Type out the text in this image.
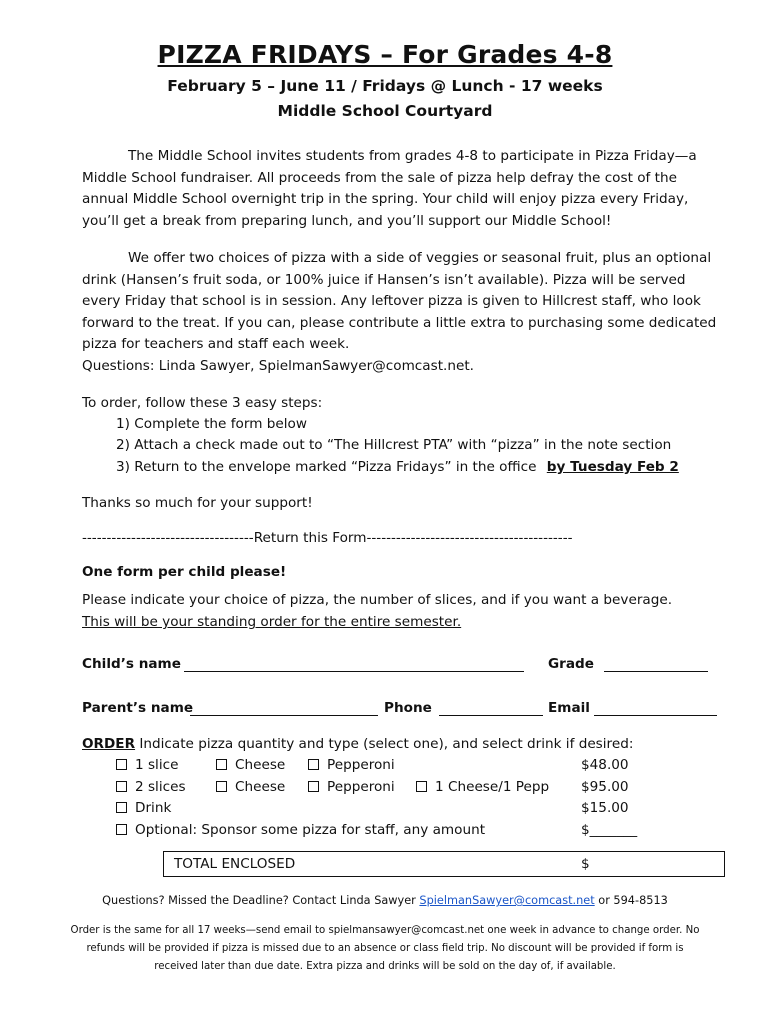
PIZZA FRIDAYS – For Grades 4-8
February 5 – June 11 / Fridays @ Lunch - 17 weeks
Middle School Courtyard

The Middle School invites students from grades 4-8 to participate in Pizza Friday—a Middle School fundraiser. All proceeds from the sale of pizza help defray the cost of the annual Middle School overnight trip in the spring. Your child will enjoy pizza every Friday, you’ll get a break from preparing lunch, and you’ll support our Middle School!

We offer two choices of pizza with a side of veggies or seasonal fruit, plus an optional drink (Hansen’s fruit soda, or 100% juice if Hansen’s isn’t available). Pizza will be served every Friday that school is in session. Any leftover pizza is given to Hillcrest staff, who look forward to the treat. If you can, please contribute a little extra to purchasing some dedicated pizza for teachers and staff each week.

Questions: Linda Sawyer, SpielmanSawyer@comcast.net.
To order, follow these 3 easy steps:
1) Complete the form below
2) Attach a check made out to “The Hillcrest PTA” with “pizza” in the note section
3) Return to the envelope marked “Pizza Fridays” in the office by Tuesday Feb 2
Thanks so much for your support!
-----------------------------------Return this Form------------------------------------------
One form per child please!
Please indicate your choice of pizza, the number of slices, and if you want a beverage.
This will be your standing order for the entire semester.
Child’s name	Grade
Parent’s name	Phone	Email
ORDER Indicate pizza quantity and type (select one), and select drink if desired:
1 slice	Cheese	Pepperoni	$48.00
2 slices	Cheese	Pepperoni	1 Cheese/1 Pepp $95.00
Drink	$15.00
Optional: Sponsor some pizza for staff, any amount	$_______
TOTAL ENCLOSED	$
Questions? Missed the Deadline? Contact Linda Sawyer SpielmanSawyer@comcast.net or 594-8513

Order is the same for all 17 weeks—send email to spielmansawyer@comcast.net one week in advance to change order. No refunds will be provided if pizza is missed due to an absence or class field trip. No discount will be provided if form is received later than due date. Extra pizza and drinks will be sold on the day of, if available.
